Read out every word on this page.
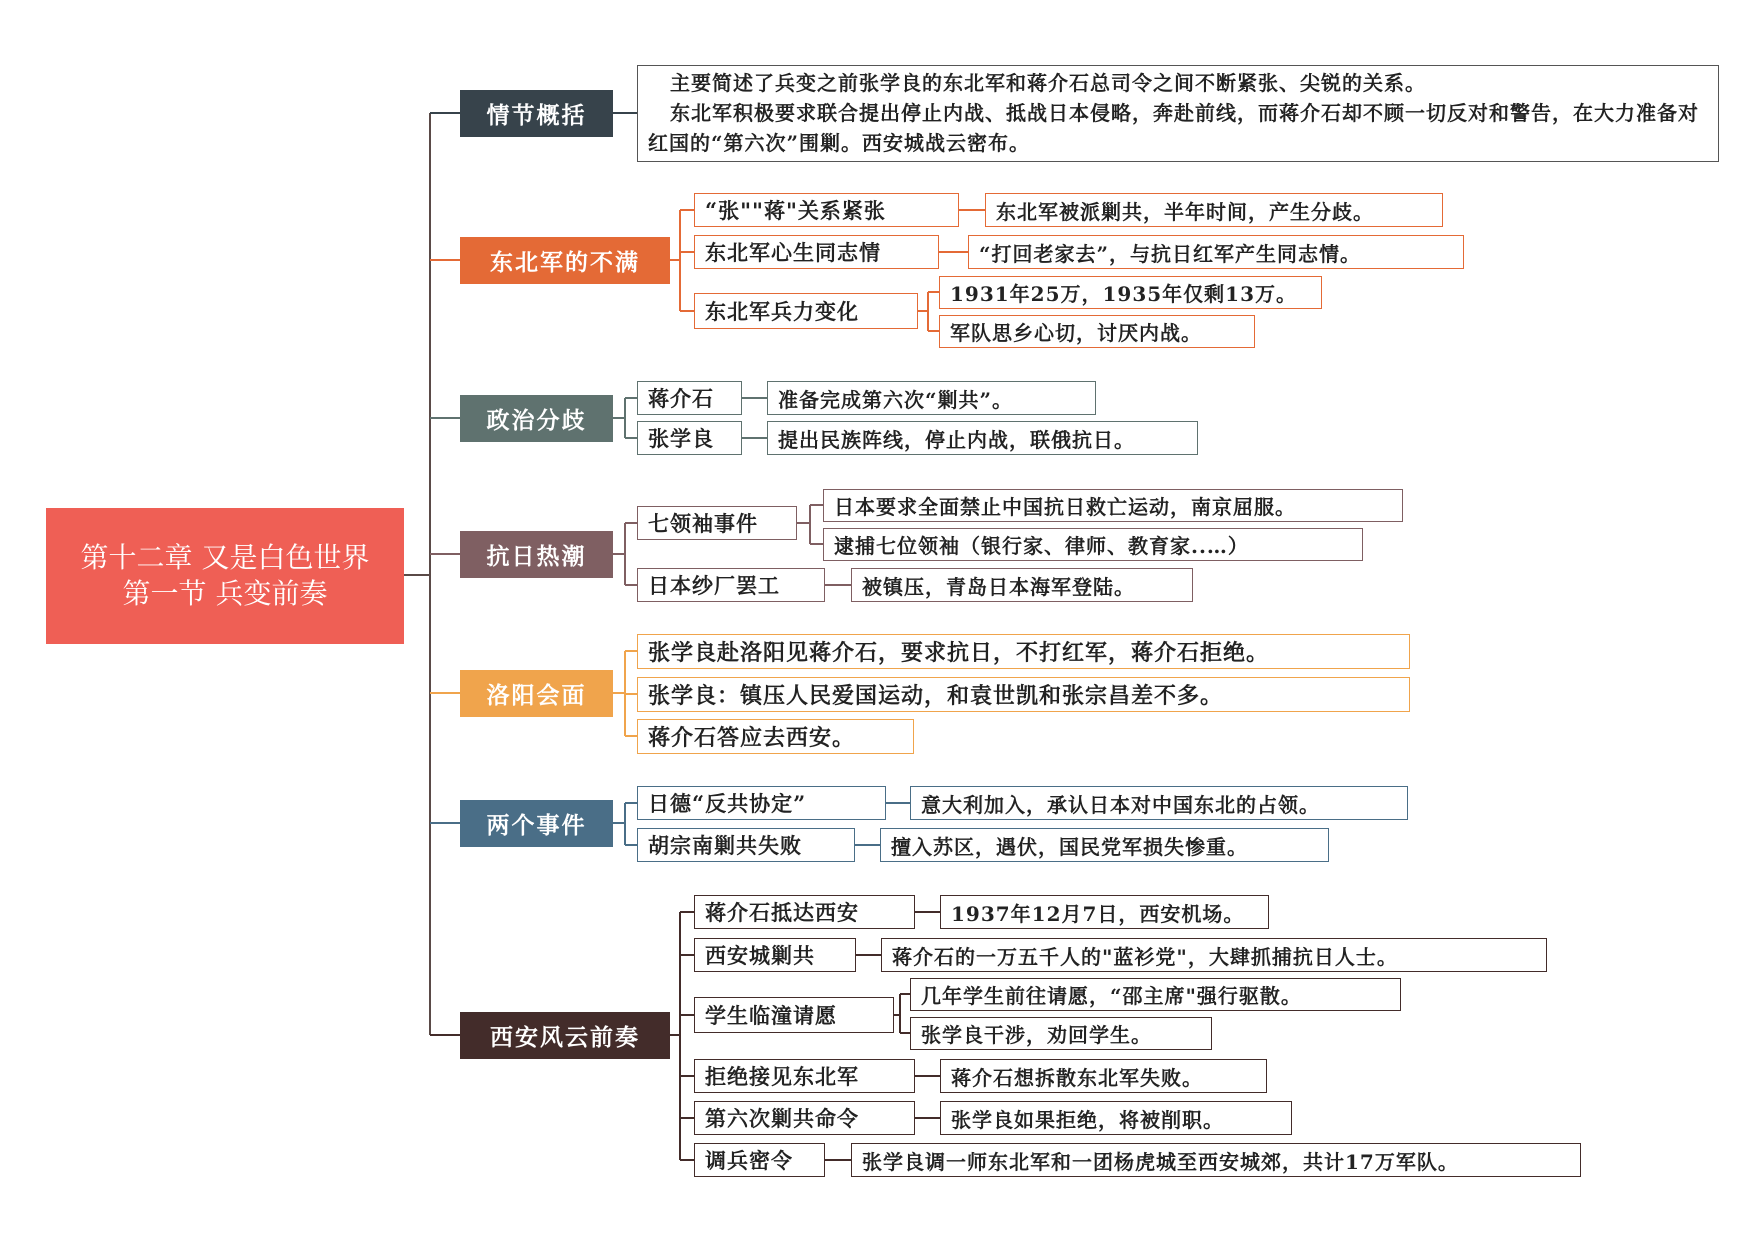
第十二章 又是白色世界
第一节 兵变前奏
情节概括

主要简述了兵变之前张学良的东北军和蒋介石总司令之间不断紧张、尖锐的关系。

东北军积极要求联合提出停止内战、抵战日本侵略，奔赴前线，而蒋介石却不顾一切反对和警告，在大力准备对红国的“第六次”围剿。西安城战云密布。

东北军的不满
“张""蒋"关系紧张	东北军被派剿共，半年时间，产生分歧。
东北军心生同志情	“打回老家去”，与抗日红军产生同志情。
东北军兵力变化
1931年25万，1935年仅剩13万。
军队思乡心切，讨厌内战。
政治分歧
蒋介石	准备完成第六次“剿共”。
张学良	提出民族阵线，停止内战，联俄抗日。
抗日热潮
七领袖事件
日本要求全面禁止中国抗日救亡运动，南京屈服。
逮捕七位领袖（银行家、律师、教育家..…）
日本纱厂罢工	被镇压，青岛日本海军登陆。
洛阳会面
张学良赴洛阳见蒋介石，要求抗日，不打红军，蒋介石拒绝。
张学良：镇压人民爱国运动，和袁世凯和张宗昌差不多。
蒋介石答应去西安。
两个事件
日德“反共协定”	意大利加入，承认日本对中国东北的占领。
胡宗南剿共失败	擅入苏区，遇伏，国民党军损失惨重。
西安风云前奏
蒋介石抵达西安	1937年12月7日，西安机场。
西安城剿共	蒋介石的一万五千人的"蓝衫党"，大肆抓捕抗日人士。
学生临潼请愿
几年学生前往请愿，“邵主席"强行驱散。
张学良干涉，劝回学生。
拒绝接见东北军	蒋介石想拆散东北军失败。
第六次剿共命令	张学良如果拒绝，将被削职。
调兵密令	张学良调一师东北军和一团杨虎城至西安城郊，共计17万军队。
